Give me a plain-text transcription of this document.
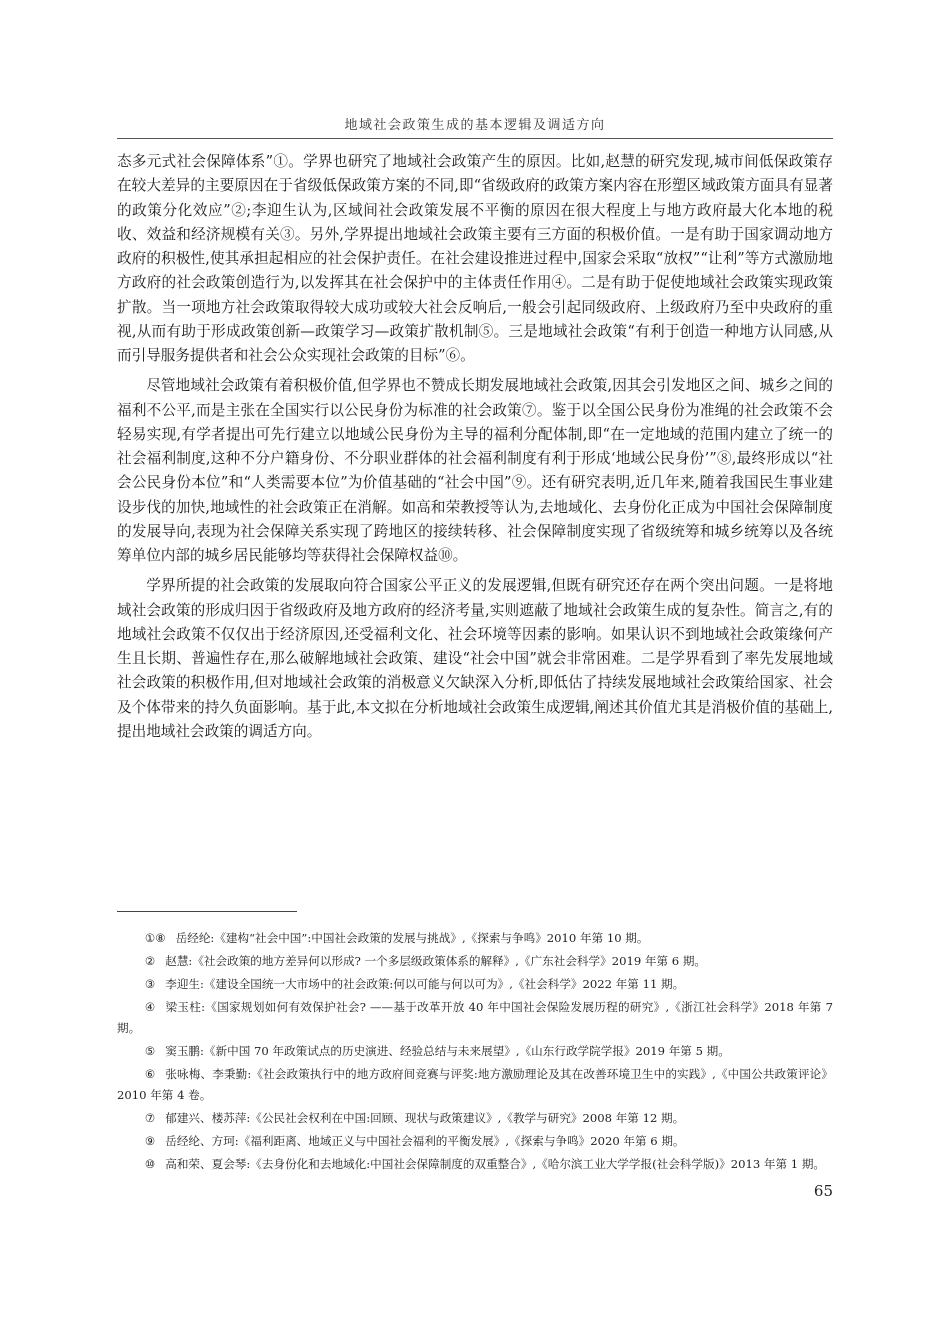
地域社会政策生成的基本逻辑及调适方向

态多元式社会保障体系”①。学界也研究了地域社会政策产生的原因。比如,赵慧的研究发现,城市间低保政策存在较大差异的主要原因在于省级低保政策方案的不同,即“省级政府的政策方案内容在形塑区域政策方面具有显著的政策分化效应”②;李迎生认为,区域间社会政策发展不平衡的原因在很大程度上与地方政府最大化本地的税收、效益和经济规模有关③。另外,学界提出地域社会政策主要有三方面的积极价值。一是有助于国家调动地方政府的积极性,使其承担起相应的社会保护责任。在社会建设推进过程中,国家会采取“放权”“让利”等方式激励地方政府的社会政策创造行为,以发挥其在社会保护中的主体责任作用④。二是有助于促使地域社会政策实现政策扩散。当一项地方社会政策取得较大成功或较大社会反响后,一般会引起同级政府、上级政府乃至中央政府的重视,从而有助于形成政策创新—政策学习—政策扩散机制⑤。三是地域社会政策“有利于创造一种地方认同感,从而引导服务提供者和社会公众实现社会政策的目标”⑥。

尽管地域社会政策有着积极价值,但学界也不赞成长期发展地域社会政策,因其会引发地区之间、城乡之间的福利不公平,而是主张在全国实行以公民身份为标准的社会政策⑦。鉴于以全国公民身份为准绳的社会政策不会轻易实现,有学者提出可先行建立以地域公民身份为主导的福利分配体制,即“在一定地域的范围内建立了统一的社会福利制度,这种不分户籍身份、不分职业群体的社会福利制度有利于形成‘地域公民身份’”⑧,最终形成以“社会公民身份本位”和“人类需要本位”为价值基础的“社会中国”⑨。还有研究表明,近几年来,随着我国民生事业建设步伐的加快,地域性的社会政策正在消解。如高和荣教授等认为,去地域化、去身份化正成为中国社会保障制度的发展导向,表现为社会保障关系实现了跨地区的接续转移、社会保障制度实现了省级统筹和城乡统筹以及各统筹单位内部的城乡居民能够均等获得社会保障权益⑩。

学界所提的社会政策的发展取向符合国家公平正义的发展逻辑,但既有研究还存在两个突出问题。一是将地域社会政策的形成归因于省级政府及地方政府的经济考量,实则遮蔽了地域社会政策生成的复杂性。简言之,有的地域社会政策不仅仅出于经济原因,还受福利文化、社会环境等因素的影响。如果认识不到地域社会政策缘何产生且长期、普遍性存在,那么破解地域社会政策、建设“社会中国”就会非常困难。二是学界看到了率先发展地域社会政策的积极作用,但对地域社会政策的消极意义欠缺深入分析,即低估了持续发展地域社会政策给国家、社会及个体带来的持久负面影响。基于此,本文拟在分析地域社会政策生成逻辑,阐述其价值尤其是消极价值的基础上,提出地域社会政策的调适方向。

①⑧ 岳经纶:《建构“社会中国”:中国社会政策的发展与挑战》,《探索与争鸣》2010 年第 10 期。

② 赵慧:《社会政策的地方差异何以形成? 一个多层级政策体系的解释》,《广东社会科学》2019 年第 6 期。

③ 李迎生:《建设全国统一大市场中的社会政策:何以可能与何以可为》,《社会科学》2022 年第 11 期。

④ 梁玉柱:《国家规划如何有效保护社会? ——基于改革开放 40 年中国社会保险发展历程的研究》,《浙江社会科学》2018 年第 7 期。

⑤ 窦玉鹏:《新中国 70 年政策试点的历史演进、经验总结与未来展望》,《山东行政学院学报》2019 年第 5 期。

⑥ 张咏梅、李秉勤:《社会政策执行中的地方政府间竞赛与评奖:地方激励理论及其在改善环境卫生中的实践》,《中国公共政策评论》2010 年第 4 卷。

⑦ 郁建兴、楼苏萍:《公民社会权利在中国:回顾、现状与政策建议》,《教学与研究》2008 年第 12 期。

⑨ 岳经纶、方珂:《福利距离、地域正义与中国社会福利的平衡发展》,《探索与争鸣》2020 年第 6 期。

⑩ 高和荣、夏会琴:《去身份化和去地域化:中国社会保障制度的双重整合》,《哈尔滨工业大学学报(社会科学版)》2013 年第 1 期。

65
